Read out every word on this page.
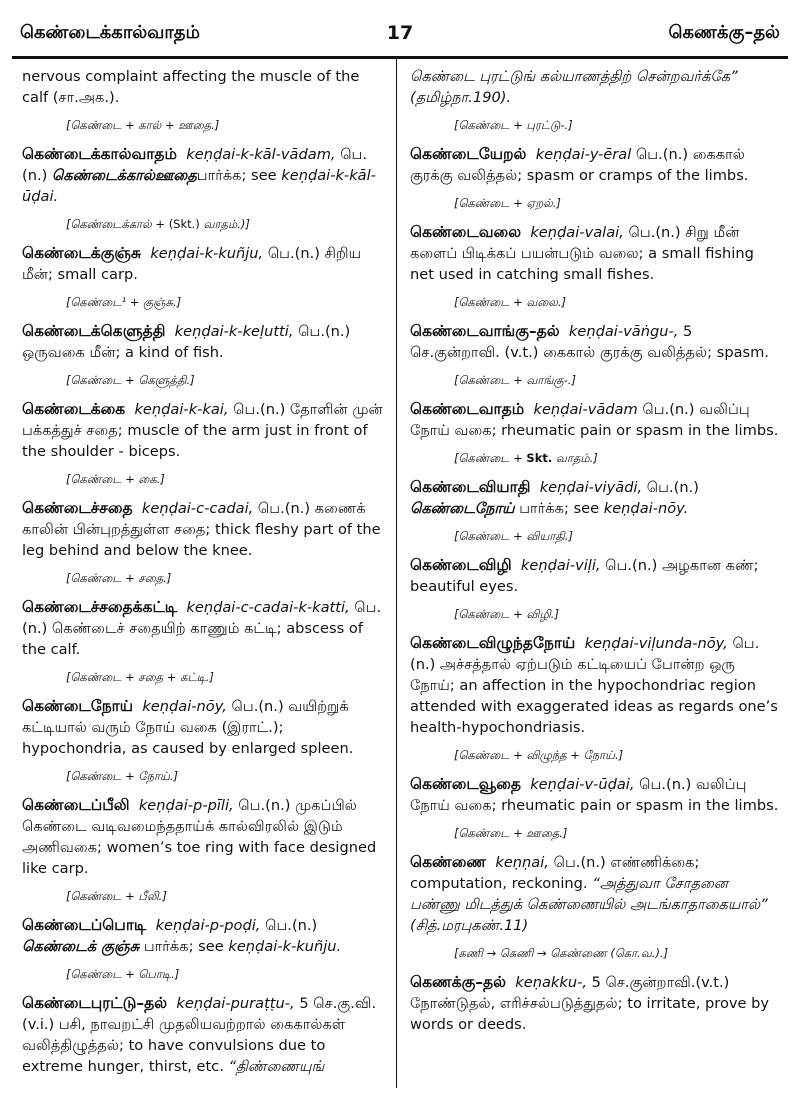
கெண்டைக்கால்வாதம்	17	கெணக்கு–தல்

nervous complaint affecting the muscle of the calf (சா.அக.).

[கெண்டை + கால் + ஊதை.]

கெண்டைக்கால்வாதம் keṇḍai-k-kāl-vādam, பெ.(n.) கெண்டைக்கால்ஊதைபார்க்க; see keṇḍai-k-kāl-ūḍai.

[கெண்டைக்கால் + (Skt.) வாதம்.)]

கெண்டைக்குஞ்சு keṇḍai-k-kuñju, பெ.(n.) சிறிய மீன்; small carp.

[கெண்டை¹ + குஞ்சு.]

கெண்டைக்கெளுத்தி keṇḍai-k-keḷutti, பெ.(n.) ஒருவகை மீன்; a kind of fish.

[கெண்டை + கெளுத்தி.]

கெண்டைக்கை keṇḍai-k-kai, பெ.(n.) தோளின் முன் பக்கத்துச் சதை; muscle of the arm just in front of the shoulder - biceps.

[கெண்டை + கை.]

கெண்டைச்சதை keṇḍai-c-cadai, பெ.(n.) கணைக் காலின் பின்புறத்துள்ள சதை; thick fleshy part of the leg behind and below the knee.

[கெண்டை + சதை.]

கெண்டைச்சதைக்கட்டி keṇḍai-c-cadai-k-katti, பெ.(n.) கெண்டைச் சதையிற் காணும் கட்டி; abscess of the calf.

[கெண்டை + சதை + கட்டி.]

கெண்டைநோய் keṇḍai-nōy, பெ.(n.) வயிற்றுக் கட்டியால் வரும் நோய் வகை (இராட்.); hypochondria, as caused by enlarged spleen.

[கெண்டை + நோய்.]

கெண்டைப்பீலி keṇḍai-p-pīli, பெ.(n.) முகப்பில் கெண்டை வடிவமைந்ததாய்க் கால்விரலில் இடும் அணிவகை; women’s toe ring with face designed like carp.

[கெண்டை + பீலி.]

கெண்டைப்பொடி keṇḍai-p-poḍi, பெ.(n.) கெண்டைக் குஞ்சு பார்க்க; see keṇḍai-k-kuñju.

[கெண்டை + பொடி.]

கெண்டைபுரட்டு–தல் keṇḍai-puraṭṭu-, 5 செ.கு.வி. (v.i.) பசி, நாவறட்சி முதலியவற்றால் கைகால்கள் வலித்திழுத்தல்; to have convulsions due to extreme hunger, thirst, etc. “திண்ணையுங்

கெண்டை புரட்டுங் கல்யாணத்திற் சென்றவர்க்கே” (தமிழ்நா.190).

[கெண்டை + புரட்டு-.]

கெண்டையேறல் keṇḍai-y-ēral பெ.(n.) கைகால் குரக்கு வலித்தல்; spasm or cramps of the limbs.

[கெண்டை + ஏறல்.]

கெண்டைவலை keṇḍai-valai, பெ.(n.) சிறு மீன் களைப் பிடிக்கப் பயன்படும் வலை; a small fishing net used in catching small fishes.

[கெண்டை + வலை.]

கெண்டைவாங்கு–தல் keṇḍai-vāṅgu-, 5 செ.குன்றாவி. (v.t.) கைகால் குரக்கு வலித்தல்; spasm.

[கெண்டை + வாங்கு-.]

கெண்டைவாதம் keṇḍai-vādam பெ.(n.) வலிப்பு நோய் வகை; rheumatic pain or spasm in the limbs.

[கெண்டை + Skt. வாதம்.]

கெண்டைவியாதி keṇḍai-viyādi, பெ.(n.) கெண்டைநோய் பார்க்க; see keṇḍai-nōy.

[கெண்டை + வியாதி.]

கெண்டைவிழி keṇḍai-viḷi, பெ.(n.) அழகான கண்; beautiful eyes.

[கெண்டை + விழி.]

கெண்டைவிழுந்தநோய் keṇḍai-viḷunda-nōy, பெ.(n.) அச்சத்தால் ஏற்படும் கட்டியைப் போன்ற ஒரு நோய்; an affection in the hypochondriac region attended with exaggerated ideas as regards one’s health-hypochondriasis.

[கெண்டை + விழுந்த + நோய்.]

கெண்டைவூதை keṇḍai-v-ūḍai, பெ.(n.) வலிப்பு நோய் வகை; rheumatic pain or spasm in the limbs.

[கெண்டை + ஊதை.]

கெண்ணை keṇṇai, பெ.(n.) எண்ணிக்கை; computation, reckoning. “அத்துவா சோதனை பண்ணு மிடத்துக் கெண்ணையில் அடங்காதாகையால்” (சித்.மரபுகண்.11)

[கணி → கெணி → கெண்ணை (கொ.வ.).]

கெணக்கு–தல் keṇakku-, 5 செ.குன்றாவி.(v.t.) நோண்டுதல், எரிச்சல்படுத்துதல்; to irritate, prove by words or deeds.
